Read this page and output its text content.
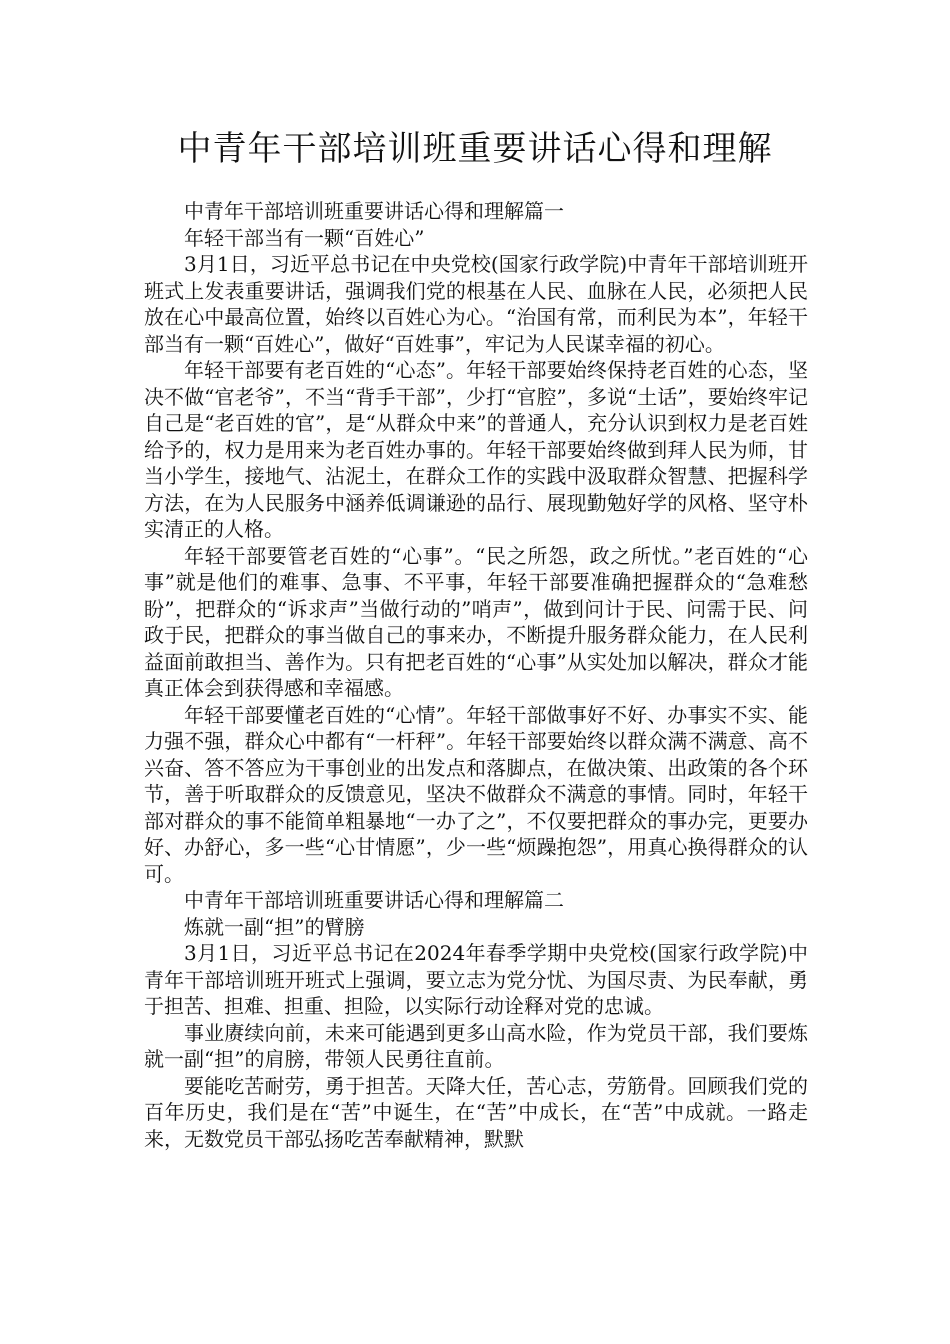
中青年干部培训班重要讲话心得和理解

中青年干部培训班重要讲话心得和理解篇一

年轻干部当有一颗“百姓心”

3月1日，习近平总书记在中央党校(国家行政学院)中青年干部培训班开班式上发表重要讲话，强调我们党的根基在人民、血脉在人民，必须把人民放在心中最高位置，始终以百姓心为心。“治国有常，而利民为本”，年轻干部当有一颗“百姓心”，做好“百姓事”，牢记为人民谋幸福的初心。

年轻干部要有老百姓的“心态”。年轻干部要始终保持老百姓的心态，坚决不做“官老爷”，不当“背手干部”，少打“官腔”，多说“土话”，要始终牢记自己是“老百姓的官”，是“从群众中来”的普通人，充分认识到权力是老百姓给予的，权力是用来为老百姓办事的。年轻干部要始终做到拜人民为师，甘当小学生，接地气、沾泥土，在群众工作的实践中汲取群众智慧、把握科学方法，在为人民服务中涵养低调谦逊的品行、展现勤勉好学的风格、坚守朴实清正的人格。

年轻干部要管老百姓的“心事”。“民之所怨，政之所忧。”老百姓的“心事”就是他们的难事、急事、不平事，年轻干部要准确把握群众的“急难愁盼”，把群众的“诉求声”当做行动的”哨声”，做到问计于民、问需于民、问政于民，把群众的事当做自己的事来办，不断提升服务群众能力，在人民利益面前敢担当、善作为。只有把老百姓的“心事”从实处加以解决，群众才能真正体会到获得感和幸福感。

年轻干部要懂老百姓的“心情”。年轻干部做事好不好、办事实不实、能力强不强，群众心中都有“一杆秤”。年轻干部要始终以群众满不满意、高不兴奋、答不答应为干事创业的出发点和落脚点，在做决策、出政策的各个环节，善于听取群众的反馈意见，坚决不做群众不满意的事情。同时，年轻干部对群众的事不能简单粗暴地“一办了之”，不仅要把群众的事办完，更要办好、办舒心，多一些“心甘情愿”，少一些“烦躁抱怨”，用真心换得群众的认可。

中青年干部培训班重要讲话心得和理解篇二

炼就一副“担”的臂膀

3月1日，习近平总书记在2024年春季学期中央党校(国家行政学院)中青年干部培训班开班式上强调，要立志为党分忧、为国尽责、为民奉献，勇于担苦、担难、担重、担险，以实际行动诠释对党的忠诚。

事业赓续向前，未来可能遇到更多山高水险，作为党员干部，我们要炼就一副“担”的肩膀，带领人民勇往直前。

要能吃苦耐劳，勇于担苦。天降大任，苦心志，劳筋骨。回顾我们党的百年历史，我们是在“苦”中诞生，在“苦”中成长，在“苦”中成就。一路走来，无数党员干部弘扬吃苦奉献精神，默默
